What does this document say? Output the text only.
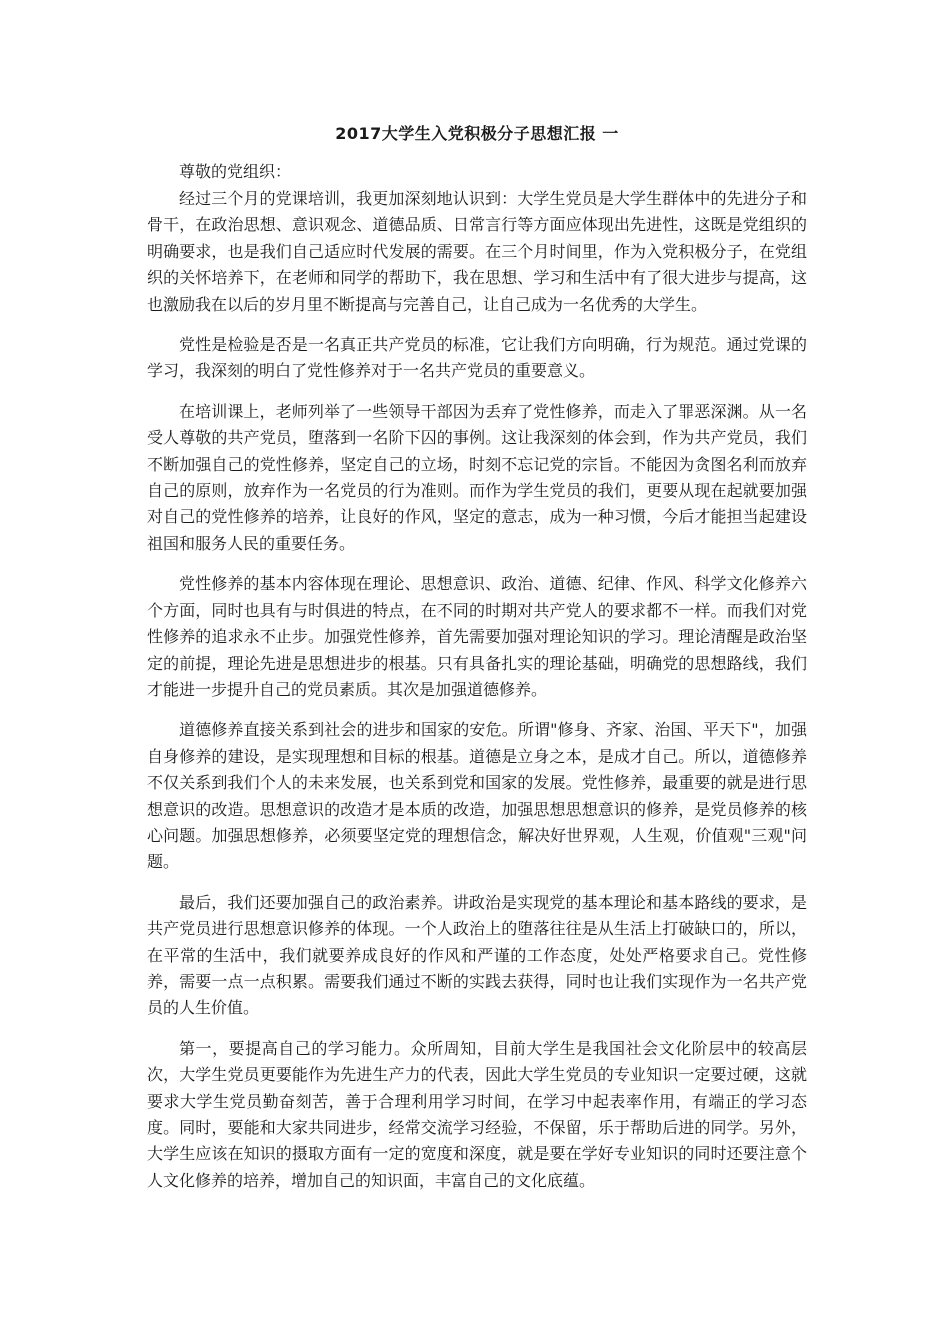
2017大学生入党积极分子思想汇报 一

尊敬的党组织：

经过三个月的党课培训，我更加深刻地认识到：大学生党员是大学生群体中的先进分子和骨干，在政治思想、意识观念、道德品质、日常言行等方面应体现出先进性，这既是党组织的明确要求，也是我们自己适应时代发展的需要。在三个月时间里，作为入党积极分子，在党组织的关怀培养下，在老师和同学的帮助下，我在思想、学习和生活中有了很大进步与提高，这也激励我在以后的岁月里不断提高与完善自己，让自己成为一名优秀的大学生。

党性是检验是否是一名真正共产党员的标准，它让我们方向明确，行为规范。通过党课的学习，我深刻的明白了党性修养对于一名共产党员的重要意义。

在培训课上，老师列举了一些领导干部因为丢弃了党性修养，而走入了罪恶深渊。从一名受人尊敬的共产党员，堕落到一名阶下囚的事例。这让我深刻的体会到，作为共产党员，我们不断加强自己的党性修养，坚定自己的立场，时刻不忘记党的宗旨。不能因为贪图名利而放弃自己的原则，放弃作为一名党员的行为准则。而作为学生党员的我们，更要从现在起就要加强对自己的党性修养的培养，让良好的作风，坚定的意志，成为一种习惯，今后才能担当起建设祖国和服务人民的重要任务。

党性修养的基本内容体现在理论、思想意识、政治、道德、纪律、作风、科学文化修养六个方面，同时也具有与时俱进的特点，在不同的时期对共产党人的要求都不一样。而我们对党性修养的追求永不止步。加强党性修养，首先需要加强对理论知识的学习。理论清醒是政治坚定的前提，理论先进是思想进步的根基。只有具备扎实的理论基础，明确党的思想路线，我们才能进一步提升自己的党员素质。其次是加强道德修养。

道德修养直接关系到社会的进步和国家的安危。所谓"修身、齐家、治国、平天下"，加强自身修养的建设，是实现理想和目标的根基。道德是立身之本，是成才自己。所以，道德修养不仅关系到我们个人的未来发展，也关系到党和国家的发展。党性修养，最重要的就是进行思想意识的改造。思想意识的改造才是本质的改造，加强思想思想意识的修养，是党员修养的核心问题。加强思想修养，必须要坚定党的理想信念，解决好世界观，人生观，价值观"三观"问题。

最后，我们还要加强自己的政治素养。讲政治是实现党的基本理论和基本路线的要求，是共产党员进行思想意识修养的体现。一个人政治上的堕落往往是从生活上打破缺口的，所以，在平常的生活中，我们就要养成良好的作风和严谨的工作态度，处处严格要求自己。党性修养，需要一点一点积累。需要我们通过不断的实践去获得，同时也让我们实现作为一名共产党员的人生价值。

第一，要提高自己的学习能力。众所周知，目前大学生是我国社会文化阶层中的较高层次，大学生党员更要能作为先进生产力的代表，因此大学生党员的专业知识一定要过硬，这就要求大学生党员勤奋刻苦，善于合理利用学习时间，在学习中起表率作用，有端正的学习态度。同时，要能和大家共同进步，经常交流学习经验，不保留，乐于帮助后进的同学。另外，大学生应该在知识的摄取方面有一定的宽度和深度，就是要在学好专业知识的同时还要注意个人文化修养的培养，增加自己的知识面，丰富自己的文化底蕴。
